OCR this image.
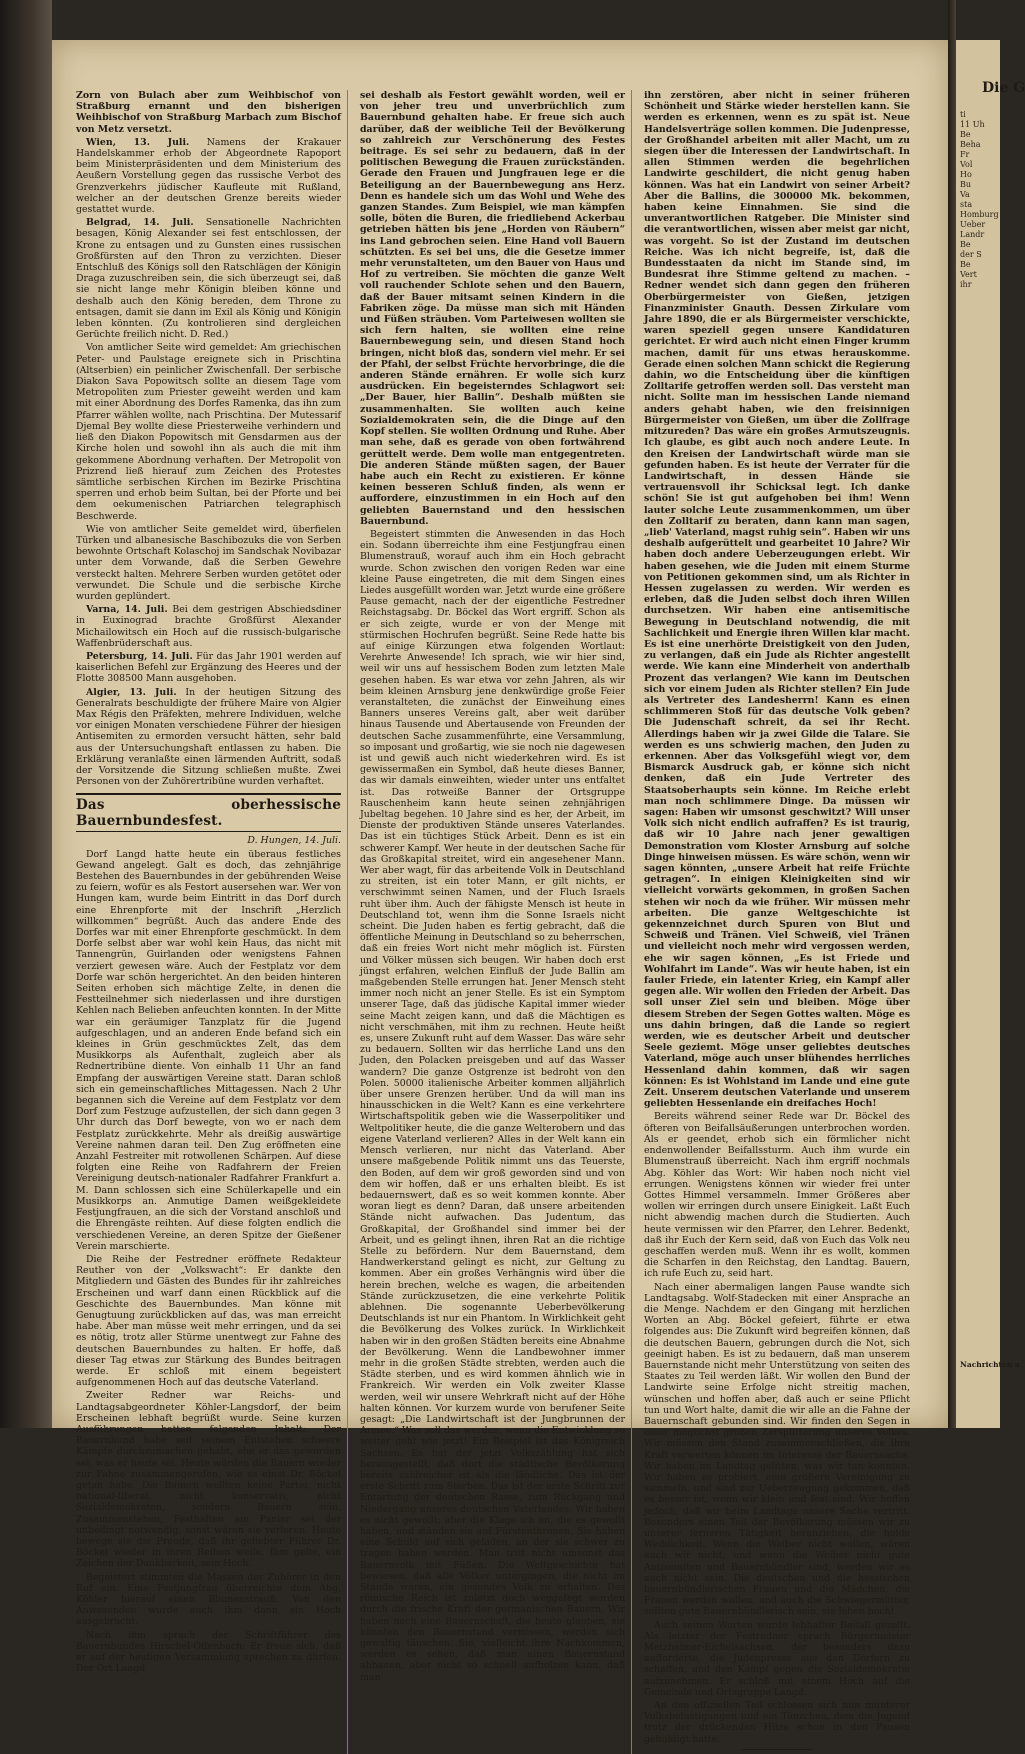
Zorn von Bulach aber zum Weihbischof von Straßburg ernannt und den bisherigen Weihbischof von Straßburg Marbach zum Bischof von Metz versetzt.

Wien, 13. Juli. Namens der Krakauer Handelskammer erhob der Abgeordnete Rapoport beim Ministerpräsidenten und dem Ministerium des Aeußern Vorstellung gegen das russische Verbot des Grenzverkehrs jüdischer Kaufleute mit Rußland, welcher an der deutschen Grenze bereits wieder gestattet wurde.

Belgrad, 14. Juli. Sensationelle Nachrichten besagen, König Alexander sei fest entschlossen, der Krone zu entsagen und zu Gunsten eines russischen Großfürsten auf den Thron zu verzichten. Dieser Entschluß des Königs soll den Ratschlägen der Königin Draga zuzuschreiben sein, die sich überzeugt sei, daß sie nicht lange mehr Königin bleiben könne und deshalb auch den König bereden, dem Throne zu entsagen, damit sie dann im Exil als König und Königin leben könnten. (Zu kontrolieren sind dergleichen Gerüchte freilich nicht. D. Red.)

Von amtlicher Seite wird gemeldet: Am griechischen Peter- und Paulstage ereignete sich in Prischtina (Altserbien) ein peinlicher Zwischenfall. Der serbische Diakon Sava Popowitsch sollte an diesem Tage vom Metropoliten zum Priester geweiht werden und kam mit einer Abordnung des Dorfes Ramenka, das ihn zum Pfarrer wählen wollte, nach Prischtina. Der Mutessarif Djemal Bey wollte diese Priesterweihe verhindern und ließ den Diakon Popowitsch mit Gensdarmen aus der Kirche holen und sowohl ihn als auch die mit ihm gekommene Abordnung verhaften. Der Metropolit von Prizrend ließ hierauf zum Zeichen des Protestes sämtliche serbischen Kirchen im Bezirke Prischtina sperren und erhob beim Sultan, bei der Pforte und bei dem oekumenischen Patriarchen telegraphisch Beschwerde.

Wie von amtlicher Seite gemeldet wird, überfielen Türken und albanesische Baschibozuks die von Serben bewohnte Ortschaft Kolaschoj im Sandschak Novibazar unter dem Vorwande, daß die Serben Gewehre versteckt halten. Mehrere Serben wurden getötet oder verwundet. Die Schule und die serbische Kirche wurden geplündert.

Varna, 14. Juli. Bei dem gestrigen Abschiedsdiner in Euxinograd brachte Großfürst Alexander Michailowitsch ein Hoch auf die russisch-bulgarische Waffenbrüderschaft aus.

Petersburg, 14. Juli. Für das Jahr 1901 werden auf kaiserlichen Befehl zur Ergänzung des Heeres und der Flotte 308500 Mann ausgehoben.

Algier, 13. Juli. In der heutigen Sitzung des Generalrats beschuldigte der frühere Maire von Algier Max Régis den Präfekten, mehrere Individuen, welche vor einigen Monaten verschiedene Führer der hiesigen Antisemiten zu ermorden versucht hätten, sehr bald aus der Untersuchungshaft entlassen zu haben. Die Erklärung veranlaßte einen lärmenden Auftritt, sodaß der Vorsitzende die Sitzung schließen mußte. Zwei Personen von der Zuhörertribüne wurden verhaftet.

Das oberhessische Bauernbundesfest.
D. Hungen, 14. Juli.

Dorf Langd hatte heute ein überaus festliches Gewand angelegt. Galt es doch, das zehnjährige Bestehen des Bauernbundes in der gebührenden Weise zu feiern, wofür es als Festort ausersehen war. Wer von Hungen kam, wurde beim Eintritt in das Dorf durch eine Ehrenpforte mit der Inschrift „Herzlich willkommen“ begrüßt. Auch das andere Ende des Dorfes war mit einer Ehrenpforte geschmückt. In dem Dorfe selbst aber war wohl kein Haus, das nicht mit Tannengrün, Guirlanden oder wenigstens Fahnen verziert gewesen wäre. Auch der Festplatz vor dem Dorfe war schön hergerichtet. An den beiden hinteren Seiten erhoben sich mächtige Zelte, in denen die Festteilnehmer sich niederlassen und ihre durstigen Kehlen nach Belieben anfeuchten konnten. In der Mitte war ein geräumiger Tanzplatz für die Jugend aufgeschlagen, und an anderen Ende befand sich ein kleines in Grün geschmücktes Zelt, das dem Musikkorps als Aufenthalt, zugleich aber als Rednertribüne diente. Von einhalb 11 Uhr an fand Empfang der auswärtigen Vereine statt. Daran schloß sich ein gemeinschaftliches Mittagessen. Nach 2 Uhr begannen sich die Vereine auf dem Festplatz vor dem Dorf zum Festzuge aufzustellen, der sich dann gegen 3 Uhr durch das Dorf bewegte, von wo er nach dem Festplatz zurückkehrte. Mehr als dreißig auswärtige Vereine nahmen daran teil. Den Zug eröffneten eine Anzahl Festreiter mit rotwollenen Schärpen. Auf diese folgten eine Reihe von Radfahrern der Freien Vereinigung deutsch-nationaler Radfahrer Frankfurt a. M. Dann schlossen sich eine Schülerkapelle und ein Musikkorps an. Anmutige Damen weißgekleidete Festjungfrauen, an die sich der Vorstand anschloß und die Ehrengäste reihten. Auf diese folgten endlich die verschiedenen Vereine, an deren Spitze der Gießener Verein marschierte.

Die Reihe der Festredner eröffnete Redakteur Reuther von der „Volkswacht“: Er dankte den Mitgliedern und Gästen des Bundes für ihr zahlreiches Erscheinen und warf dann einen Rückblick auf die Geschichte des Bauernbundes. Man könne mit Genugtuung zurückblicken auf das, was man erreicht habe. Aber man müsse weit mehr erringen, und da sei es nötig, trotz aller Stürme unentwegt zur Fahne des deutschen Bauernbundes zu halten. Er hoffe, daß dieser Tag etwas zur Stärkung des Bundes beitragen werde. Er schloß mit einem begeistert aufgenommenen Hoch auf das deutsche Vaterland.

Zweiter Redner war Reichs- und Landtagsabgeordneter Köhler-Langsdorf, der beim Erscheinen lebhaft begrüßt wurde. Seine kurzen Ausführungen hatten folgenden Inhalt: Der Bauernbund habe seit seinem Entstehen schwere Kämpfe durchzumachen gehabt, ehe er das geworden sei, was er heute sei. Heute würden die Bauern wieder zur Fahne zusammengerufen, wie es einst Dr. Böckel getan habe. Die Bauern wollten keine Partei, nicht national-liberal, nicht konservativ, nicht Sozialdemokraten, sondern Bauern sein. Zusammenstehen, Festhalten am Panier sei der unbedingt notwendig, sonst wären sie verloren. Heute bewege sie die Freude, daß ihr geliebter Führer Dr. Böckel wieder in ihren Reihen weile. Ihm gelte, ein Zeichen der Dankbarkeit, sein Hoch.

Begeistert stimmten die Massen der Zuhörer in den Ruf ein. Eine Festjungfrau überreichte dem Abg. Köhler hierauf einen Blumenstrauß. Von den Anwesenden wurde auch ihm dann ein Hoch ausgebracht.

Nach ihm sprach der Schriftführer des Bauernbundes Hirschel-Offenbach: Er freue sich, daß er auf der heutigen Versammlung sprechen zu dürfen. Der Ort Langd

sei deshalb als Festort gewählt worden, weil er von jeher treu und unverbrüchlich zum Bauernbund gehalten habe. Er freue sich auch darüber, daß der weibliche Teil der Bevölkerung so zahlreich zur Verschönerung des Festes beitrage. Es sei sehr zu bedauern, daß in der politischen Bewegung die Frauen zurückständen. Gerade den Frauen und Jungfrauen lege er die Beteiligung an der Bauernbewegung ans Herz. Denn es handele sich um das Wohl und Wehe des ganzen Standes. Zum Beispiel, wie man kämpfen solle, böten die Buren, die friedliebend Ackerbau getrieben hätten bis jene „Horden von Räubern“ ins Land gebrochen seien. Eine Hand voll Bauern schützten. Es sei bei uns, die die Gesetze immer mehr verunstalteten, um den Bauer von Haus und Hof zu vertreiben. Sie möchten die ganze Welt voll rauchender Schlote sehen und den Bauern, daß der Bauer mitsamt seinen Kindern in die Fabriken zöge. Da müsse man sich mit Händen und Füßen sträuben. Vom Parteiwesen wollten sie sich fern halten, sie wollten eine reine Bauernbewegung sein, und diesen Stand hoch bringen, nicht bloß das, sondern viel mehr. Er sei der Pfahl, der selbst Früchte hervorbringe, die die anderen Stände ernähren. Er wolle sich kurz ausdrücken. Ein begeisterndes Schlagwort sei: „Der Bauer, hier Ballin“. Deshalb müßten sie zusammenhalten. Sie wollten auch keine Sozialdemokraten sein, die die Dinge auf den Kopf stellen. Sie wollten Ordnung und Ruhe. Aber man sehe, daß es gerade von oben fortwährend gerüttelt werde. Dem wolle man entgegentreten. Die anderen Stände müßten sagen, der Bauer habe auch ein Recht zu existieren. Er könne keinen besseren Schluß finden, als wenn er auffordere, einzustimmen in ein Hoch auf den geliebten Bauernstand und den hessischen Bauernbund.

Begeistert stimmten die Anwesenden in das Hoch ein. Sodann überreichte ihm eine Festjungfrau einen Blumenstrauß, worauf auch ihm ein Hoch gebracht wurde. Schon zwischen den vorigen Reden war eine kleine Pause eingetreten, die mit dem Singen eines Liedes ausgefüllt worden war. Jetzt wurde eine größere Pause gemacht, nach der der eigentliche Festredner Reichstagsabg. Dr. Böckel das Wort ergriff. Schon als er sich zeigte, wurde er von der Menge mit stürmischen Hochrufen begrüßt. Seine Rede hatte bis auf einige Kürzungen etwa folgenden Wortlaut: Verehrte Anwesende! Ich sprach, wie wir hier sind, weil wir uns auf hessischem Boden zum letzten Male gesehen haben. Es war etwa vor zehn Jahren, als wir beim kleinen Arnsburg jene denkwürdige große Feier veranstalteten, die zunächst der Einweihung eines Banners unseres Vereins galt, aber weit darüber hinaus Tausende und Abertausende von Freunden der deutschen Sache zusammenführte, eine Versammlung, so imposant und großartig, wie sie noch nie dagewesen ist und gewiß auch nicht wiederkehren wird. Es ist gewissermaßen ein Symbol, daß heute dieses Banner, das wir damals einweihten, wieder unter uns entfaltet ist. Das rotweiße Banner der Ortsgruppe Rauschenheim kann heute seinen zehnjährigen Jubeltag begehen. 10 Jahre sind es her, der Arbeit, im Dienste der produktiven Stände unseres Vaterlandes. Das ist ein tüchtiges Stück Arbeit. Denn es ist ein schwerer Kampf. Wer heute in der deutschen Sache für das Großkapital streitet, wird ein angesehener Mann. Wer aber wagt, für das arbeitende Volk in Deutschland zu streiten, ist ein toter Mann, er gilt nichts, er verschwimmt seinen Namen, und der Fluch Israels ruht über ihm. Auch der fähigste Mensch ist heute in Deutschland tot, wenn ihm die Sonne Israels nicht scheint. Die Juden haben es fertig gebracht, daß die öffentliche Meinung in Deutschland so zu beherrschen, daß ein freies Wort nicht mehr möglich ist. Fürsten und Völker müssen sich beugen. Wir haben doch erst jüngst erfahren, welchen Einfluß der Jude Ballin am maßgebenden Stelle errungen hat. Jener Mensch steht immer noch nicht an jener Stelle. Es ist ein Symptom unserer Tage, daß das jüdische Kapital immer wieder seine Macht zeigen kann, und daß die Mächtigen es nicht verschmähen, mit ihm zu rechnen. Heute heißt es, unsere Zukunft ruht auf dem Wasser. Das wäre sehr zu bedauern. Sollten wir das herrliche Land uns den Juden, den Polacken preisgeben und auf das Wasser wandern? Die ganze Ostgrenze ist bedroht von den Polen. 50000 italienische Arbeiter kommen alljährlich über unsere Grenzen herüber. Und da will man ins hinausschicken in die Welt? Kann es eine verkehrtere Wirtschaftspolitik geben wie die Wasserpolitiker und Weltpolitiker heute, die die ganze Welterobern und das eigene Vaterland verlieren? Alles in der Welt kann ein Mensch verlieren, nur nicht das Vaterland. Aber unsere maßgebende Politik nimmt uns das Teuerste, den Boden, auf dem wir groß geworden sind und von dem wir hoffen, daß er uns erhalten bleibt. Es ist bedauernswert, daß es so weit kommen konnte. Aber woran liegt es denn? Daran, daß unsere arbeitenden Stände nicht aufwachen. Das Judentum, das Großkapital, der Großhandel sind immer bei der Arbeit, und es gelingt ihnen, ihren Rat an die richtige Stelle zu befördern. Nur dem Bauernstand, dem Handwerkerstand gelingt es nicht, zur Geltung zu kommen. Aber ein großes Verhängnis wird über die herein brechen, welche es wagen, die arbeitenden Stände zurückzusetzen, die eine verkehrte Politik ablehnen. Die sogenannte Ueberbevölkerung Deutschlands ist nur ein Phantom. In Wirklichkeit geht die Bevölkerung des Volkes zurück. In Wirklichkeit haben wir in den großen Städten bereits eine Abnahme der Bevölkerung. Wenn die Landbewohner immer mehr in die großen Städte strebten, werden auch die Städte sterben, und es wird kommen ähnlich wie in Frankreich. Wir werden ein Volk zweiter Klasse werden, weil wir unsere Wehrkraft nicht auf der Höhe halten können. Vor kurzem wurde von berufener Seite gesagt: „Die Landwirtschaft ist der Jungbrunnen der Armee.“ Was soll das werden, wenn die Entwicklung so weiter geht wie jetzt! Ein Beispiel ist das Königreich Sachsen. Es hat der jetzt Volkszählung hat sich herausgestellt, daß dort die städtische Bevölkerung bereits zahlreicher ist als die ländliche. Das ist der erste Schritt zum Sterben. Das ist der erste Schritt zur Entartung der deutschen Rasse, zum Rückgang und Niedergang unseres deutschen Vaterlandes. Wir haben es nicht gewollt; aber die Klage ich an, die es gewollt haben, und ständen sie auf Fürstenthronen. Sie haben eine Schuld auf sich geladen, an der sie schwer zu tragen haben werden. Man tritt nicht umsonst das Bauernvolk mit Füßen. Die Weltgeschichte hat bewiesen, daß alle Völker untergingen, die nicht im Stande waren, ein gesundes Volk zu erhalten. Das römische Reich ist zuletzt doch weggefegt worden durch die frische Kraft der germanischen Bauern. Wir haben noch eine Bauernschaft, die heute glauben, sie könnten den Bauernstand vermissen, werden sich gewaltig täuschen. Sie, vielleicht ihre Nachkommen, werden es sehen, daß man einen Bauernstand abhauen, aber nicht so schnell aufholzen kann, daß man

ihn zerstören, aber nicht in seiner früheren Schönheit und Stärke wieder herstellen kann. Sie werden es erkennen, wenn es zu spät ist. Neue Handelsverträge sollen kommen. Die Judenpresse, der Großhandel arbeiten mit aller Macht, um zu siegen über die Interessen der Landwirtschaft. In allen Stimmen werden die begehrlichen Landwirte geschildert, die nicht genug haben können. Was hat ein Landwirt von seiner Arbeit? Aber die Ballins, die 300000 Mk. bekommen, haben keine Einnahmen. Sie sind die unverantwortlichen Ratgeber. Die Minister sind die verantwortlichen, wissen aber meist gar nicht, was vorgeht. So ist der Zustand im deutschen Reiche. Was ich nicht begreife, ist, daß die Bundesstaaten da nicht im Stande sind, im Bundesrat ihre Stimme geltend zu machen. – Redner wendet sich dann gegen den früheren Oberbürgermeister von Gießen, jetzigen Finanzminister Gnauth. Dessen Zirkulare vom Jahre 1890, die er als Bürgermeister verschickte, waren speziell gegen unsere Kandidaturen gerichtet. Er wird auch nicht einen Finger krumm machen, damit für uns etwas herauskomme. Gerade einen solchen Mann schickt die Regierung dahin, wo die Entscheidung über die künftigen Zolltarife getroffen werden soll. Das versteht man nicht. Sollte man im hessischen Lande niemand anders gehabt haben, wie den freisinnigen Bürgermeister von Gießen, um über die Zollfrage mitzureden? Das wäre ein großes Armutszeugnis. Ich glaube, es gibt auch noch andere Leute. In den Kreisen der Landwirtschaft würde man sie gefunden haben. Es ist heute der Verrater für die Landwirtschaft, in dessen Hände sie vertrauensvoll ihr Schicksal legt. Ich danke schön! Sie ist gut aufgehoben bei ihm! Wenn lauter solche Leute zusammenkommen, um über den Zolltarif zu beraten, dann kann man sagen, „lieb' Vaterland, magst ruhig sein“. Haben wir uns deshalb aufgerüttelt und gearbeitet 10 Jahre? Wir haben doch andere Ueberzeugungen erlebt. Wir haben gesehen, wie die Juden mit einem Sturme von Petitionen gekommen sind, um als Richter in Hessen zugelassen zu werden. Wir werden es erleben, daß die Juden selbst doch ihren Willen durchsetzen. Wir haben eine antisemitische Bewegung in Deutschland notwendig, die mit Sachlichkeit und Energie ihren Willen klar macht. Es ist eine unerhörte Dreistigkeit von den Juden, zu verlangen, daß ein Jude als Richter angestellt werde. Wie kann eine Minderheit von anderthalb Prozent das verlangen? Wie kann im Deutschen sich vor einem Juden als Richter stellen? Ein Jude als Vertreter des Landesherrn! Kann es einen schlimmeren Stoß für das deutsche Volk geben? Die Judenschaft schreit, da sei ihr Recht. Allerdings haben wir ja zwei Gilde die Talare. Sie werden es uns schwierig machen, den Juden zu erkennen. Aber das Volksgefühl wiegt vor, dem Bismarck Ausdruck gab, er könne sich nicht denken, daß ein Jude Vertreter des Staatsoberhaupts sein könne. Im Reiche erlebt man noch schlimmere Dinge. Da müssen wir sagen: Haben wir umsonst geschwitzt? Will unser Volk sich nicht endlich aufraffen? Es ist traurig, daß wir 10 Jahre nach jener gewaltigen Demonstration vom Kloster Arnsburg auf solche Dinge hinweisen müssen. Es wäre schön, wenn wir sagen könnten, „unsere Arbeit hat reife Früchte getragen“. In einigen Kleinigkeiten sind wir vielleicht vorwärts gekommen, in großen Sachen stehen wir noch da wie früher. Wir müssen mehr arbeiten. Die ganze Weltgeschichte ist gekennzeichnet durch Spuren von Blut und Schweiß und Tränen. Viel Schweiß, viel Tränen und vielleicht noch mehr wird vergossen werden, ehe wir sagen können, „Es ist Friede und Wohlfahrt im Lande“. Was wir heute haben, ist ein fauler Friede, ein latenter Krieg, ein Kampf aller gegen alle. Wir wollen den Frieden der Arbeit. Das soll unser Ziel sein und bleiben. Möge über diesem Streben der Segen Gottes walten. Möge es uns dahin bringen, daß die Lande so regiert werden, wie es deutscher Arbeit und deutscher Seele geziemt. Möge unser geliebtes deutsches Vaterland, möge auch unser blühendes herrliches Hessenland dahin kommen, daß wir sagen können: Es ist Wohlstand im Lande und eine gute Zeit. Unserem deutschen Vaterlande und unserem geliebten Hessenlande ein dreifaches Hoch!

Bereits während seiner Rede war Dr. Böckel des öfteren von Beifallsäußerungen unterbrochen worden. Als er geendet, erhob sich ein förmlicher nicht endenwollender Beifallssturm. Auch ihm wurde ein Blumenstrauß überreicht. Nach ihm ergriff nochmals Abg. Köhler das Wort: Wir haben noch nicht viel errungen. Wenigstens können wir wieder frei unter Gottes Himmel versammeln. Immer Größeres aber wollen wir erringen durch unsere Einigkeit. Laßt Euch nicht abwendig machen durch die Studierten. Auch heute vermissen wir den Pfarrer, den Lehrer. Bedenkt, daß ihr Euch der Kern seid, daß von Euch das Volk neu geschaffen werden muß. Wenn ihr es wollt, kommen die Scharfen in den Reichstag, den Landtag. Bauern, ich rufe Euch zu, seid hart.

Nach einer abermaligen langen Pause wandte sich Landtagsabg. Wolf-Stadecken mit einer Ansprache an die Menge. Nachdem er den Gingang mit herzlichen Worten an Abg. Böckel gefeiert, führte er etwa folgendes aus: Die Zukunft wird begreifen können, daß die deutschen Bauern, gebrungen durch die Not, sich geeinigt haben. Es ist zu bedauern, daß man unserem Bauernstande nicht mehr Unterstützung von seiten des Staates zu Teil werden läßt. Wir wollen den Bund der Landwirte seine Erfolge nicht streitig machen, wünschen und hoffen aber, daß auch er seine Pflicht tun und Wort halte, damit die wir alle an die Fahne der Bauernschaft gebunden sind. Wir finden den Segen in einer möglichst großen Zersplitterung unseres Volkes. Wir müssen den Stand zusammenschließen, die ihre Kraft verwerten können im Interesse der Bauernsache. Wir haben im Landtag gelitten, was wir tun konnten. Wir haben es probiert, eine größere Vereinigung zu sammeln, und sind zur Ueberzeugung gekommen, daß es besser ist, wenn wir klein und fest sind. Wir hoffen jedoch, daß wir beim Landtage unsere Sache vertritt. Besonders einen Teil der Bevölkerung müssen wir zu unserer ferneren Tätigkeit heranziehen, die holde Weiblichkeit. Wenn die Weiber nicht wollen, wären auch wir nicht, und wenn die Weiber nicht gute Antisemiten und Bauernbündler sind, werden wir es auch nicht sein. Die deutschen und die hessischen bauernbündlerischen Frauen und die Mädchen, die Frauen werden wollen, und auch die Schwiegermütter, sollten gute Bauernbündlerisch sein, sie leben hoch!

Auch seinen Worten wurde lebhafter Beifall gezollt. Als letzter der Festredner sprach Bürgermeister Metzheimer-Eichelsachsen, der besonders dazu aufforderte, die Judenpresse aus den Dörfern zu schaffen, und den Kampf gegen die Sozialdemokratie aufzunehmen. Er schloß mit einem Hoch auf die Gemeinde und Ortsgruppe Langd.

An den offiziellen Teil schlossen sich nun munterer Volksbelustigungen und ein Tänzchen, dem die Jugend trotz der drückenden Hitze schon in den Pausen gehuldigt hatte.

Die G
ti
11 Uh
Be
Beha
Fr
Vol
Ho
Bu
Va
sta
Homburg
Ueber
Landr
Be
der S
Be
Vert
ihr
Nachrichten a
